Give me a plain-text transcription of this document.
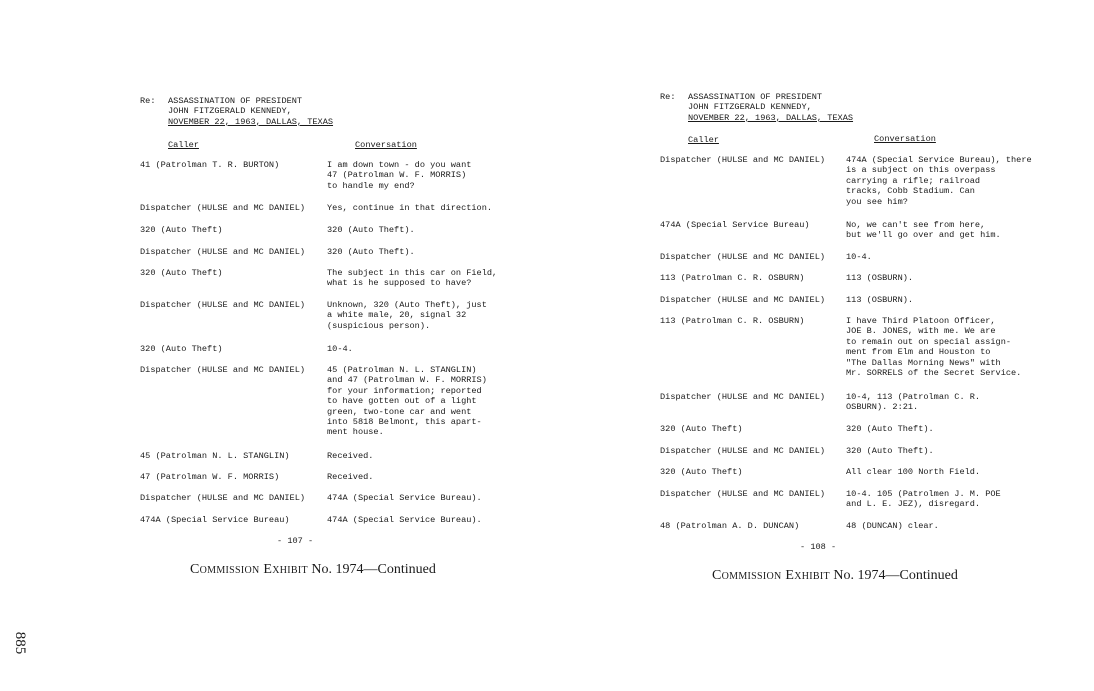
Re: ASSASSINATION OF PRESIDENT
JOHN FITZGERALD KENNEDY,
NOVEMBER 22, 1963, DALLAS, TEXAS
Caller	Conversation
41 (Patrolman T. R. BURTON)	I am down town - do you want
47 (Patrolman W. F. MORRIS)
to handle my end?
Dispatcher (HULSE and MC DANIEL)	Yes, continue in that direction.
320 (Auto Theft)	320 (Auto Theft).
Dispatcher (HULSE and MC DANIEL)	320 (Auto Theft).
320 (Auto Theft)	The subject in this car on Field,
what is he supposed to have?
Dispatcher (HULSE and MC DANIEL)	Unknown, 320 (Auto Theft), just
a white male, 20, signal 32
(suspicious person).
320 (Auto Theft)	10-4.
Dispatcher (HULSE and MC DANIEL)	45 (Patrolman N. L. STANGLIN)
and 47 (Patrolman W. F. MORRIS)
for your information; reported
to have gotten out of a light
green, two-tone car and went
into 5818 Belmont, this apart-
ment house.
45 (Patrolman N. L. STANGLIN)	Received.
47 (Patrolman W. F. MORRIS)	Received.
Dispatcher (HULSE and MC DANIEL)	474A (Special Service Bureau).
474A (Special Service Bureau)	474A (Special Service Bureau).
- 107 -
Commission Exhibit No. 1974—Continued
Re: ASSASSINATION OF PRESIDENT
JOHN FITZGERALD KENNEDY,
NOVEMBER 22, 1963, DALLAS, TEXAS
Caller	Conversation
Dispatcher (HULSE and MC DANIEL) 474A (Special Service Bureau), there
is a subject on this overpass
carrying a rifle; railroad
tracks, Cobb Stadium. Can
you see him?
474A (Special Service Bureau)	No, we can't see from here,
but we'll go over and get him.
Dispatcher (HULSE and MC DANIEL) 10-4.
113 (Patrolman C. R. OSBURN)	113 (OSBURN).
Dispatcher (HULSE and MC DANIEL) 113 (OSBURN).
113 (Patrolman C. R. OSBURN)	I have Third Platoon Officer,
JOE B. JONES, with me. We are
to remain out on special assign-
ment from Elm and Houston to
"The Dallas Morning News" with
Mr. SORRELS of the Secret Service.
Dispatcher (HULSE and MC DANIEL) 10-4, 113 (Patrolman C. R.
OSBURN). 2:21.
320 (Auto Theft)	320 (Auto Theft).
Dispatcher (HULSE and MC DANIEL) 320 (Auto Theft).
320 (Auto Theft)	All clear 100 North Field.
Dispatcher (HULSE and MC DANIEL) 10-4. 105 (Patrolmen J. M. POE
and L. E. JEZ), disregard.
48 (Patrolman A. D. DUNCAN)	48 (DUNCAN) clear.
- 108 -
Commission Exhibit No. 1974—Continued
885
